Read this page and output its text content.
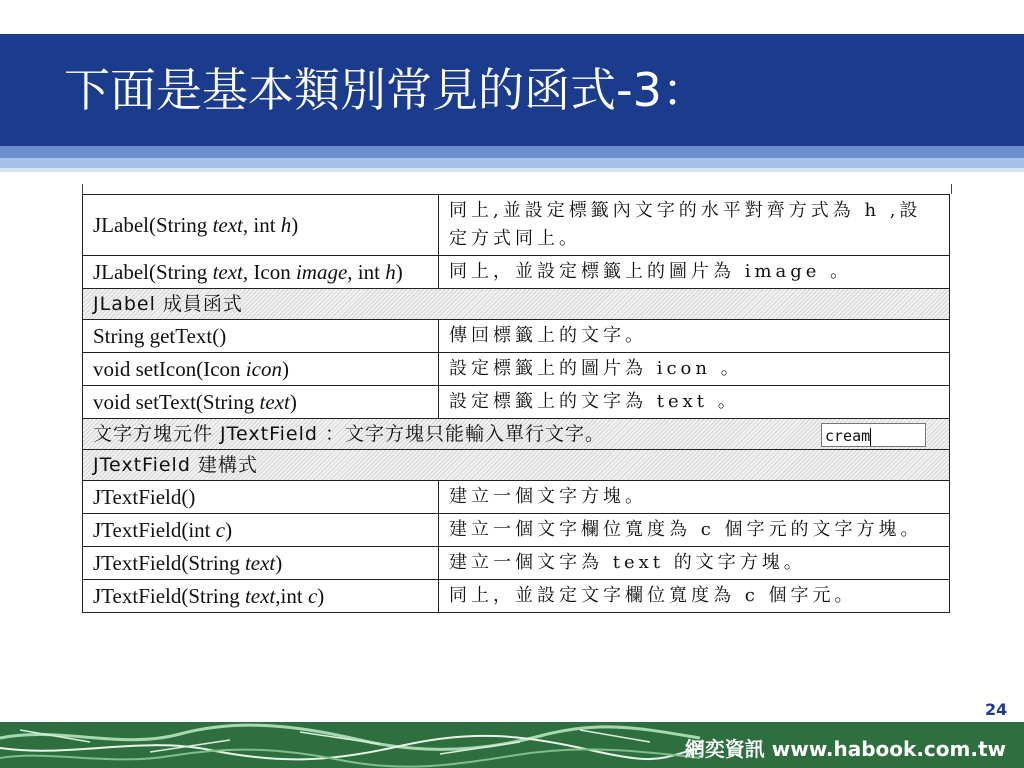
下面是基本類別常見的函式-3：
JLabel(String text, int h)	同上,並設定標籤內文字的水平對齊方式為 h ,設定方式同上。
JLabel(String text, Icon image, int h)	同上，並設定標籤上的圖片為 image 。
JLabel 成員函式	
String getText()	傳回標籤上的文字。
void setIcon(Icon icon)	設定標籤上的圖片為 icon 。
void setText(String text)	設定標籤上的文字為 text 。

文字方塊元件 JTextField ：文字方塊只能輸入單行文字。 cream	

JTextField 建構式	
JTextField()	建立一個文字方塊。
JTextField(int c)	建立一個文字欄位寬度為 c 個字元的文字方塊。
JTextField(String text)	建立一個文字為 text 的文字方塊。
JTextField(String text,int c)	同上，並設定文字欄位寬度為 c 個字元。
24
網奕資訊 www.habook.com.tw
